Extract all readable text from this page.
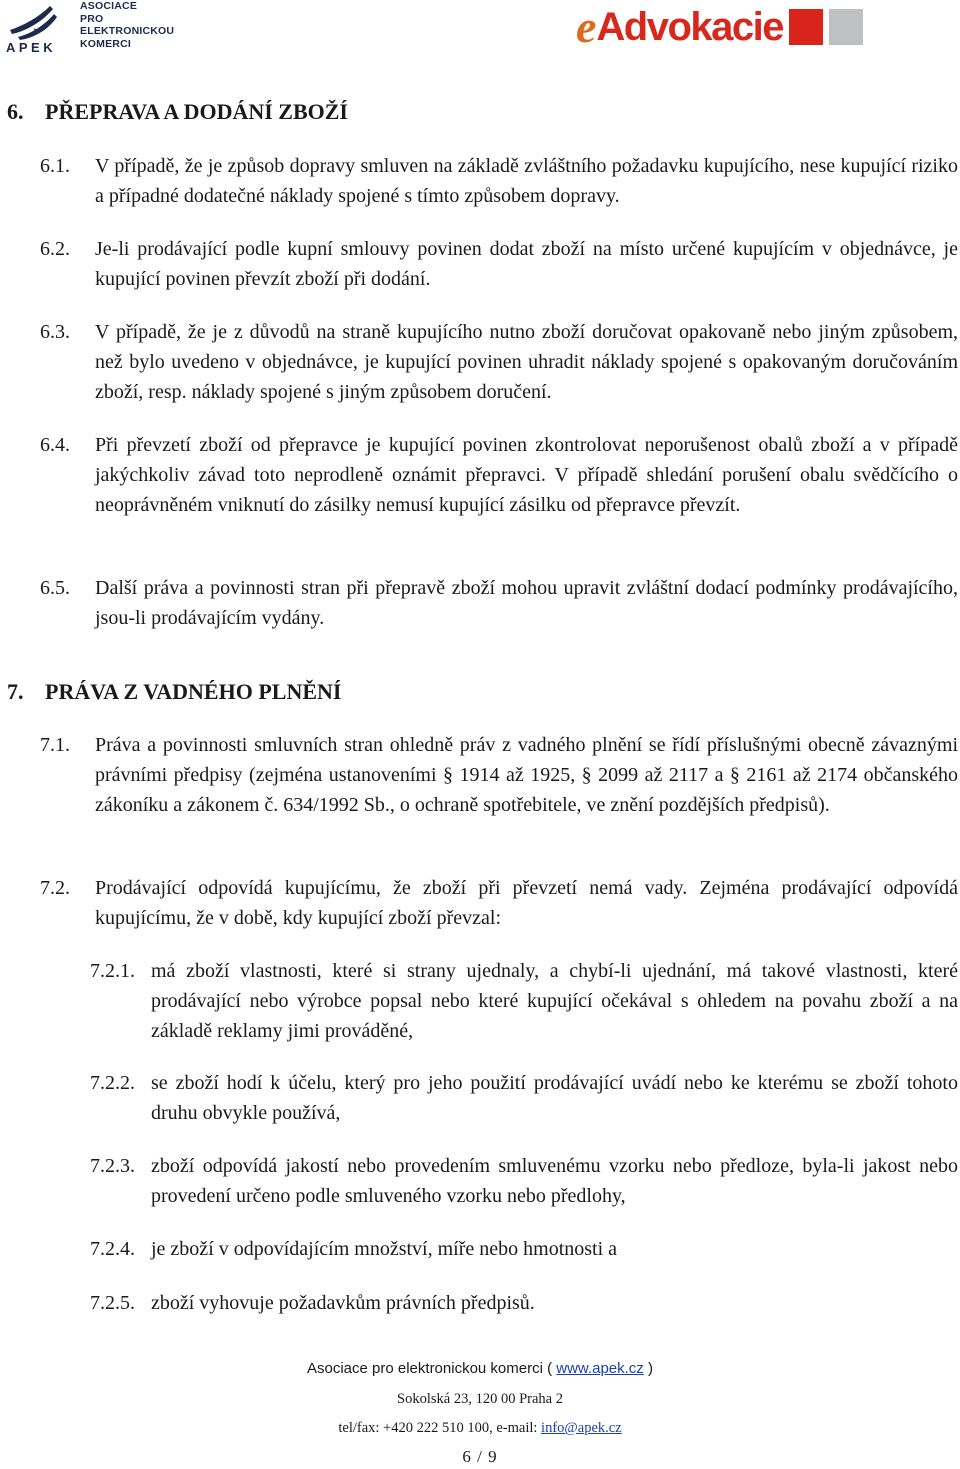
APEK
ASOCIACE
PRO
ELEKTRONICKOU
KOMERCI	e Advokacie
6. PŘEPRAVA A DODÁNÍ ZBOŽÍ
6.1. V případě, že je způsob dopravy smluven na základě zvláštního požadavku kupujícího, nese kupující riziko a případné dodatečné náklady spojené s tímto způsobem dopravy.
6.2. Je-li prodávající podle kupní smlouvy povinen dodat zboží na místo určené kupujícím v objednávce, je kupující povinen převzít zboží při dodání.
6.3. V případě, že je z důvodů na straně kupujícího nutno zboží doručovat opakovaně nebo jiným způsobem, než bylo uvedeno v objednávce, je kupující povinen uhradit náklady spojené s opakovaným doručováním zboží, resp. náklady spojené s jiným způsobem doručení.
6.4. Při převzetí zboží od přepravce je kupující povinen zkontrolovat neporušenost obalů zboží a v případě jakýchkoliv závad toto neprodleně oznámit přepravci. V případě shledání porušení obalu svědčícího o neoprávněném vniknutí do zásilky nemusí kupující zásilku od přepravce převzít.
6.5. Další práva a povinnosti stran při přepravě zboží mohou upravit zvláštní dodací podmínky prodávajícího, jsou-li prodávajícím vydány.
7. PRÁVA Z VADNÉHO PLNĚNÍ
7.1. Práva a povinnosti smluvních stran ohledně práv z vadného plnění se řídí příslušnými obecně závaznými právními předpisy (zejména ustanoveními § 1914 až 1925, § 2099 až 2117 a § 2161 až 2174 občanského zákoníku a zákonem č. 634/1992 Sb., o ochraně spotřebitele, ve znění pozdějších předpisů).
7.2. Prodávající odpovídá kupujícímu, že zboží při převzetí nemá vady. Zejména prodávající odpovídá kupujícímu, že v době, kdy kupující zboží převzal:
7.2.1. má zboží vlastnosti, které si strany ujednaly, a chybí-li ujednání, má takové vlastnosti, které prodávající nebo výrobce popsal nebo které kupující očekával s ohledem na povahu zboží a na základě reklamy jimi prováděné,
7.2.2. se zboží hodí k účelu, který pro jeho použití prodávající uvádí nebo ke kterému se zboží tohoto druhu obvykle používá,
7.2.3. zboží odpovídá jakostí nebo provedením smluvenému vzorku nebo předloze, byla-li jakost nebo provedení určeno podle smluveného vzorku nebo předlohy,
7.2.4. je zboží v odpovídajícím množství, míře nebo hmotnosti a
7.2.5. zboží vyhovuje požadavkům právních předpisů.
Asociace pro elektronickou komerci ( www.apek.cz )
Sokolská 23, 120 00 Praha 2
tel/fax: +420 222 510 100, e-mail: info@apek.cz
6 / 9
